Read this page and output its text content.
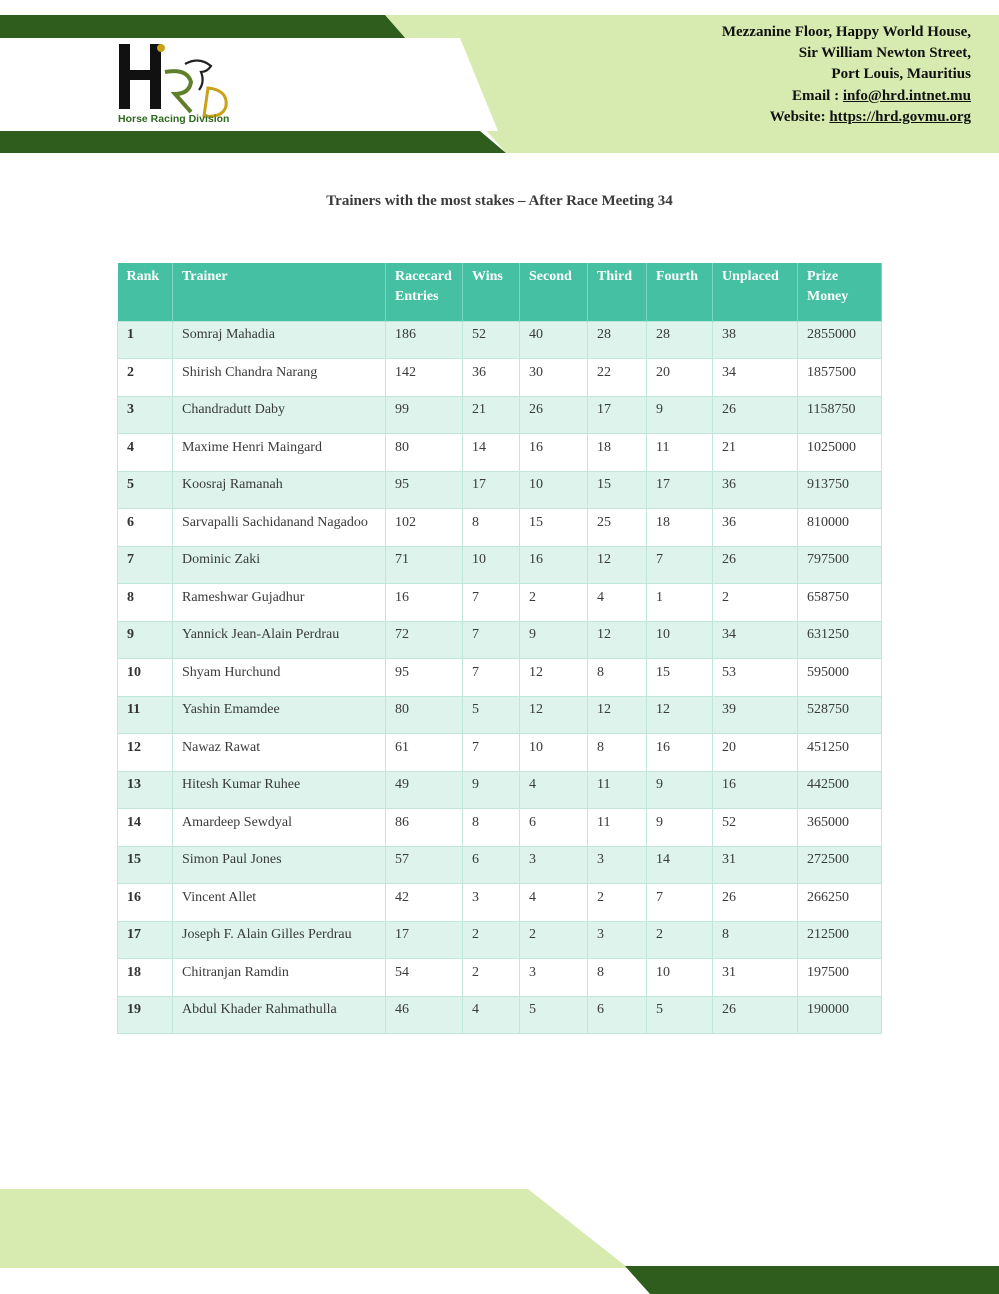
Horse Racing Division
Mezzanine Floor, Happy World House,
Sir William Newton Street,
Port Louis, Mauritius
Email : info@hrd.intnet.mu
Website: https://hrd.govmu.org
Trainers with the most stakes – After Race Meeting 34
Rank	Trainer	Racecard Entries	Wins	Second	Third	Fourth	Unplaced	Prize Money
1	Somraj Mahadia	186	52	40	28	28	38	2855000
2	Shirish Chandra Narang	142	36	30	22	20	34	1857500
3	Chandradutt Daby	99	21	26	17	9	26	1158750
4	Maxime Henri Maingard	80	14	16	18	11	21	1025000
5	Koosraj Ramanah	95	17	10	15	17	36	913750
6	Sarvapalli Sachidanand Nagadoo	102	8	15	25	18	36	810000
7	Dominic Zaki	71	10	16	12	7	26	797500
8	Rameshwar Gujadhur	16	7	2	4	1	2	658750
9	Yannick Jean-Alain Perdrau	72	7	9	12	10	34	631250
10	Shyam Hurchund	95	7	12	8	15	53	595000
11	Yashin Emamdee	80	5	12	12	12	39	528750
12	Nawaz Rawat	61	7	10	8	16	20	451250
13	Hitesh Kumar Ruhee	49	9	4	11	9	16	442500
14	Amardeep Sewdyal	86	8	6	11	9	52	365000
15	Simon Paul Jones	57	6	3	3	14	31	272500
16	Vincent Allet	42	3	4	2	7	26	266250
17	Joseph F. Alain Gilles Perdrau	17	2	2	3	2	8	212500
18	Chitranjan Ramdin	54	2	3	8	10	31	197500
19	Abdul Khader Rahmathulla	46	4	5	6	5	26	190000
